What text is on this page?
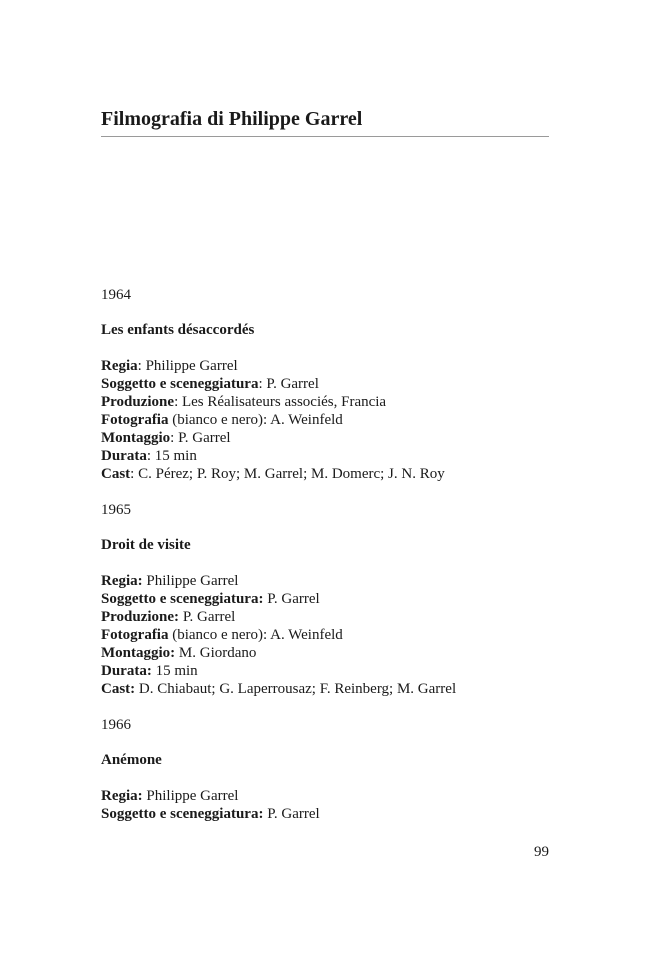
Filmografia di Philippe Garrel
1964
Les enfants désaccordés
Regia: Philippe Garrel
Soggetto e sceneggiatura: P. Garrel
Produzione: Les Réalisateurs associés, Francia
Fotografia (bianco e nero): A. Weinfeld
Montaggio: P. Garrel
Durata: 15 min
Cast: C. Pérez; P. Roy; M. Garrel; M. Domerc; J. N. Roy
1965
Droit de visite
Regia: Philippe Garrel
Soggetto e sceneggiatura: P. Garrel
Produzione: P. Garrel
Fotografia (bianco e nero): A. Weinfeld
Montaggio: M. Giordano
Durata: 15 min
Cast: D. Chiabaut; G. Laperrousaz; F. Reinberg; M. Garrel
1966
Anémone
Regia: Philippe Garrel
Soggetto e sceneggiatura: P. Garrel
99
